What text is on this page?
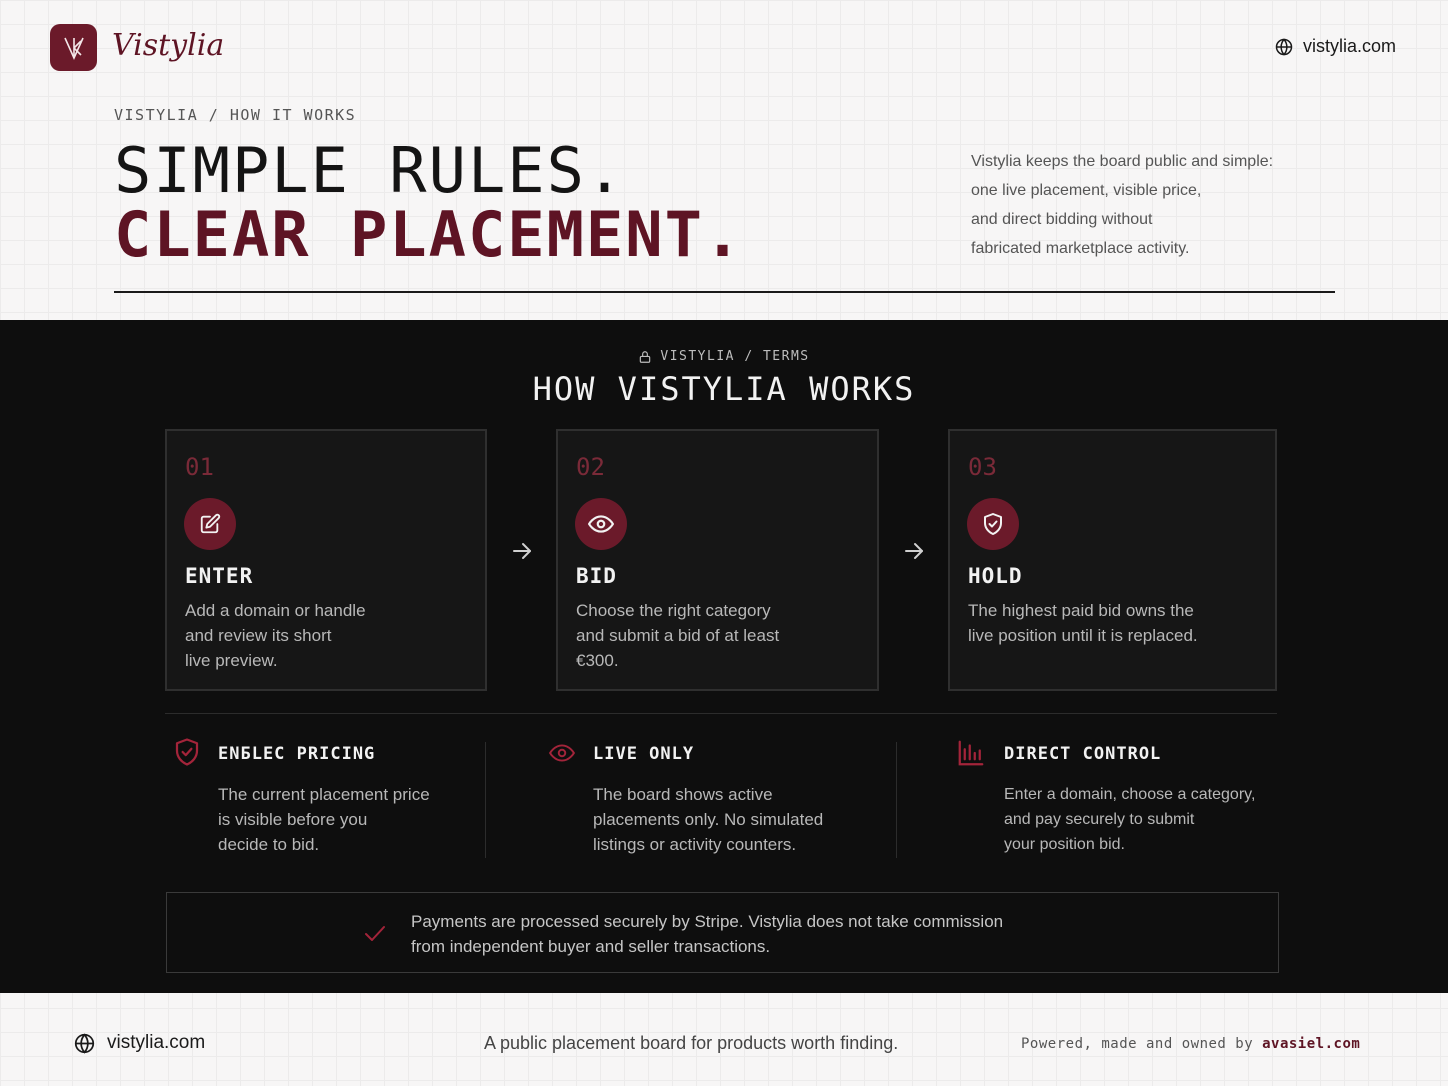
Vistylia	vistylia.com
VISTYLIA / HOW IT WORKS
SIMPLE RULES.
CLEAR PLACEMENT.
Vistylia keeps the board public and simple:
one live placement, visible price,
and direct bidding without
fabricated marketplace activity.
VISTYLIA / TERMS
HOW VISTYLIA WORKS
01
ENTER
Add a domain or handle
and review its short
live preview.
02
BID
Choose the right category
and submit a bid of at least
€300.
03
HOLD
The highest paid bid owns the
live position until it is replaced.
ENБLEC PRICING
The current placement price
is visible before you
decide to bid.
LIVE ONLY
The board shows active
placements only. No simulated
listings or activity counters.
DIRECT CONTROL
Enter a domain, choose a category,
and pay securely to submit
your position bid.
Payments are processed securely by Stripe. Vistylia does not take commission
from independent buyer and seller transactions.
vistylia.com	A public placement board for products worth finding.	Powered, made and owned by avasiel.com
